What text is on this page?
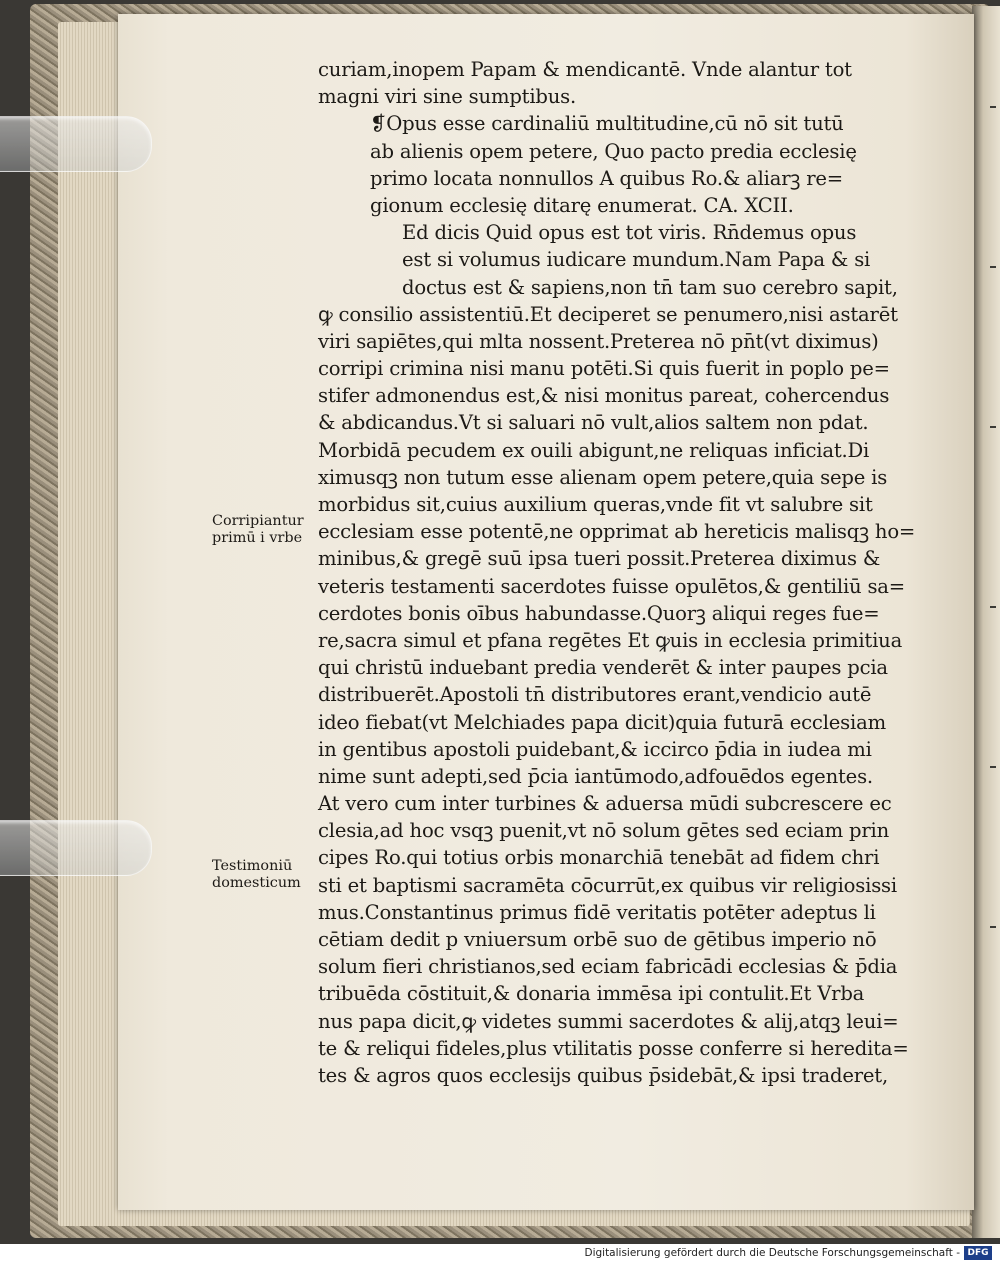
curiam,inopem Papam & mendicantē. Vnde alantur tot
magni viri sine sumptibus.
❡Opus esse cardinaliū multitudine,cū nō sit tutū
ab alienis opem petere, Quo pacto predia ecclesię
primo locata nonnullos A quibus Ro.& aliarꝫ re=
gionum ecclesię ditarę enumerat. CA. XCII.
Ed dicis Quid opus est tot viris. Rn̄demus opus
est si volumus iudicare mundum.Nam Papa & si
doctus est & sapiens,non tn̄ tam suo cerebro sapit,
ꝙ consilio assistentiū.Et deciperet se penumero,nisi astarēt
viri sapiētes,qui mlta nossent.Preterea nō pn̄t(vt diximus)
corripi crimina nisi manu potēti.Si quis fuerit in poplo pe=
stifer admonendus est,& nisi monitus pareat, cohercendus
& abdicandus.Vt si saluari nō vult,alios saltem non pdat.
Morbidā pecudem ex ouili abigunt,ne reliquas inficiat.Di
ximusqꝫ non tutum esse alienam opem petere,quia sepe is
morbidus sit,cuius auxilium queras,vnde fit vt salubre sit
ecclesiam esse potentē,ne opprimat ab hereticis malisqꝫ ho=
minibus,& gregē suū ipsa tueri possit.Preterea diximus &
veteris testamenti sacerdotes fuisse opulētos,& gentiliū sa=
cerdotes bonis oībus habundasse.Quorꝫ aliqui reges fue=
re,sacra simul et pfana regētes Et ꝙuis in ecclesia primitiua
qui christū induebant predia venderēt & inter paupes pcia
distribuerēt.Apostoli tn̄ distributores erant,vendicio autē
ideo fiebat(vt Melchiades papa dicit)quia futurā ecclesiam
in gentibus apostoli puidebant,& iccirco p̄dia in iudea mi
nime sunt adepti,sed p̄cia iantūmodo,adfouēdos egentes.
At vero cum inter turbines & aduersa mūdi subcrescere ec
clesia,ad hoc vsqꝫ puenit,vt nō solum gētes sed eciam prin
cipes Ro.qui totius orbis monarchiā tenebāt ad fidem chri
sti et baptismi sacramēta cōcurrūt,ex quibus vir religiosissi
mus.Constantinus primus fidē veritatis potēter adeptus li
cētiam dedit p vniuersum orbē suo de gētibus imperio nō
solum fieri christianos,sed eciam fabricādi ecclesias & p̄dia
tribuēda cōstituit,& donaria immēsa ipi contulit.Et Vrba
nus papa dicit,ꝙ videtes summi sacerdotes & alij,atqꝫ leui=
te & reliqui fideles,plus vtilitatis posse conferre si heredita=
tes & agros quos ecclesijs quibus p̄sidebāt,& ipsi traderet,
Corripiantur
primū i vrbe
Testimoniū
domesticum
Digitalisierung gefördert durch die Deutsche Forschungsgemeinschaft - DFG
